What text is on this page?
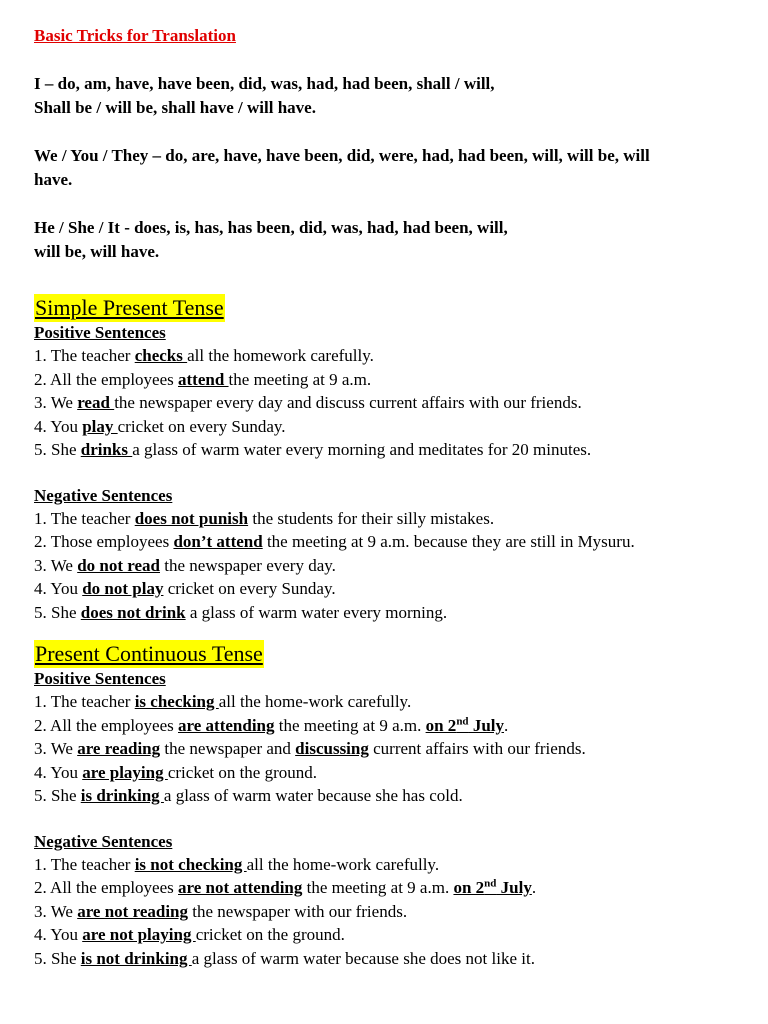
Basic Tricks for Translation

I – do, am, have, have been, did, was, had, had been, shall / will,
Shall be / will be, shall have / will have.

We / You / They – do, are, have, have been, did, were, had, had been, will, will be, will
have.

He / She / It - does, is, has, has been, did, was, had, had been, will,
will be, will have.

Simple Present Tense
Positive Sentences
1. The teacher checks all the homework carefully.
2. All the employees attend the meeting at 9 a.m.
3. We read the newspaper every day and discuss current affairs with our friends.
4. You play cricket on every Sunday.
5. She drinks a glass of warm water every morning and meditates for 20 minutes.
Negative Sentences
1. The teacher does not punish the students for their silly mistakes.
2. Those employees don’t attend the meeting at 9 a.m. because they are still in Mysuru.
3. We do not read the newspaper every day.
4. You do not play cricket on every Sunday.
5. She does not drink a glass of warm water every morning.
Present Continuous Tense
Positive Sentences
1. The teacher is checking all the home-work carefully.
2. All the employees are attending the meeting at 9 a.m. on 2nd July.
3. We are reading the newspaper and discussing current affairs with our friends.
4. You are playing cricket on the ground.
5. She is drinking a glass of warm water because she has cold.
Negative Sentences
1. The teacher is not checking all the home-work carefully.
2. All the employees are not attending the meeting at 9 a.m. on 2nd July.
3. We are not reading the newspaper with our friends.
4. You are not playing cricket on the ground.
5. She is not drinking a glass of warm water because she does not like it.
